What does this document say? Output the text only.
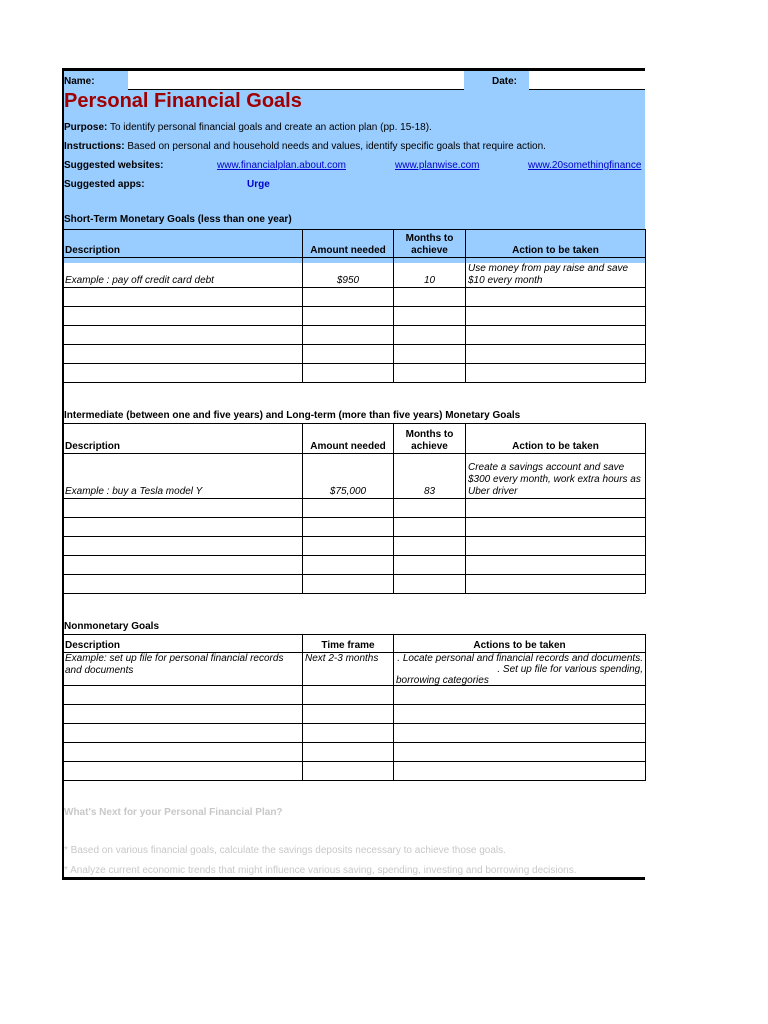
Name:	Date:
Personal Financial Goals
Purpose: To identify personal financial goals and create an action plan (pp. 15-18).
Instructions: Based on personal and household needs and values, identify specific goals that require action.
Suggested websites:	www.financialplan.about.com	www.planwise.com	www.20somethingfinance
Suggested apps:	Urge
Short-Term Monetary Goals (less than one year)
Description	Amount needed	Months to achieve	Action to be taken
Example : pay off credit card debt	$950	10	Use money from pay raise and save $10 every month

Intermediate (between one and five years) and Long-term (more than five years) Monetary Goals
Description	Amount needed	Months to achieve	Action to be taken
Example : buy a Tesla model Y	$75,000	83	Create a savings account and save $300 every month, work extra hours as Uber driver

Nonmonetary Goals
Description	Time frame	Actions to be taken
Example: set up file for personal financial records and documents	Next 2-3 months	. Locate personal and financial records and documents.
. Set up file for various spending,
borrowing categories

What's Next for your Personal Financial Plan?
* Based on various financial goals, calculate the savings deposits necessary to achieve those goals.
* Analyze current economic trends that might influence various saving, spending, investing and borrowing decisions.
